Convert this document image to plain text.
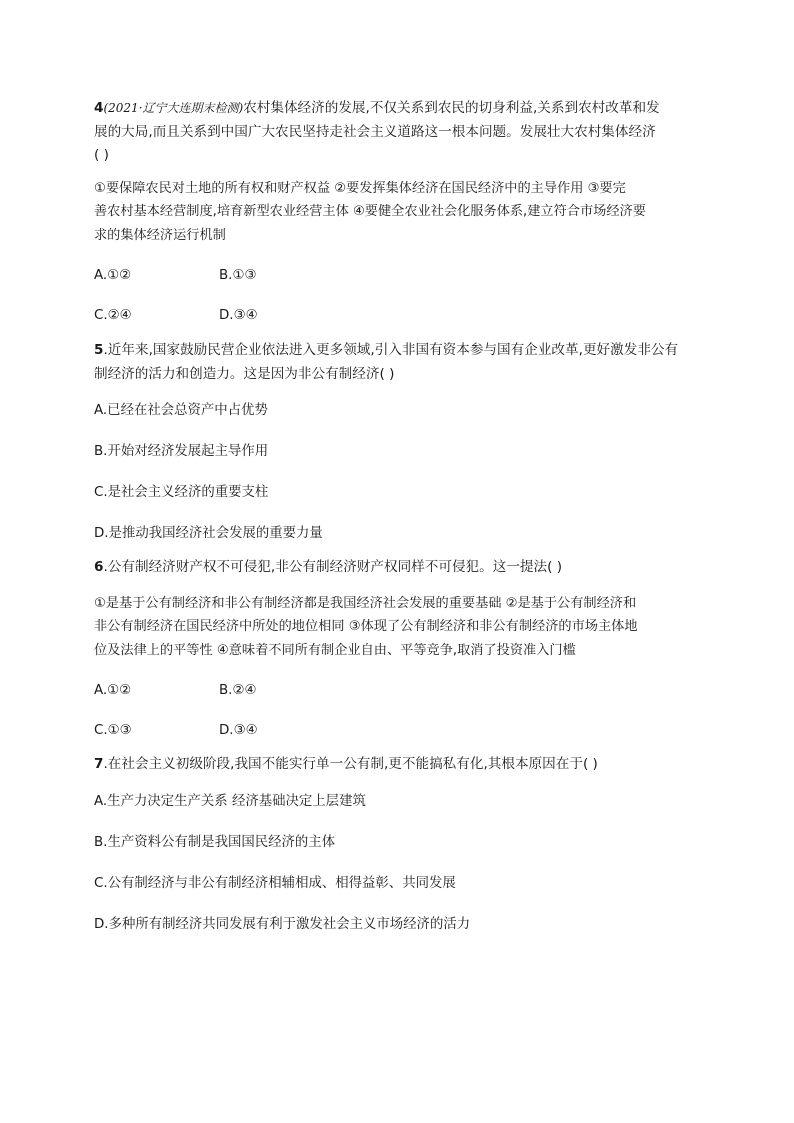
4(2021·辽宁大连期末检测)农村集体经济的发展,不仅关系到农民的切身利益,关系到农村改革和发
展的大局,而且关系到中国广大农民坚持走社会主义道路这一根本问题。发展壮大农村集体经济
( )

①要保障农民对土地的所有权和财产权益 ②要发挥集体经济在国民经济中的主导作用 ③要完
善农村基本经营制度,培育新型农业经营主体 ④要健全农业社会化服务体系,建立符合市场经济要
求的集体经济运行机制

A.①②	B.①③

C.②④	D.③④

5.近年来,国家鼓励民营企业依法进入更多领域,引入非国有资本参与国有企业改革,更好激发非公有
制经济的活力和创造力。这是因为非公有制经济( )

A.已经在社会总资产中占优势

B.开始对经济发展起主导作用

C.是社会主义经济的重要支柱

D.是推动我国经济社会发展的重要力量

6.公有制经济财产权不可侵犯,非公有制经济财产权同样不可侵犯。这一提法( )

①是基于公有制经济和非公有制经济都是我国经济社会发展的重要基础 ②是基于公有制经济和
非公有制经济在国民经济中所处的地位相同 ③体现了公有制经济和非公有制经济的市场主体地
位及法律上的平等性 ④意味着不同所有制企业自由、平等竞争,取消了投资准入门槛

A.①②	B.②④

C.①③	D.③④

7.在社会主义初级阶段,我国不能实行单一公有制,更不能搞私有化,其根本原因在于( )

A.生产力决定生产关系 经济基础决定上层建筑

B.生产资料公有制是我国国民经济的主体

C.公有制经济与非公有制经济相辅相成、相得益彰、共同发展

D.多种所有制经济共同发展有利于激发社会主义市场经济的活力
